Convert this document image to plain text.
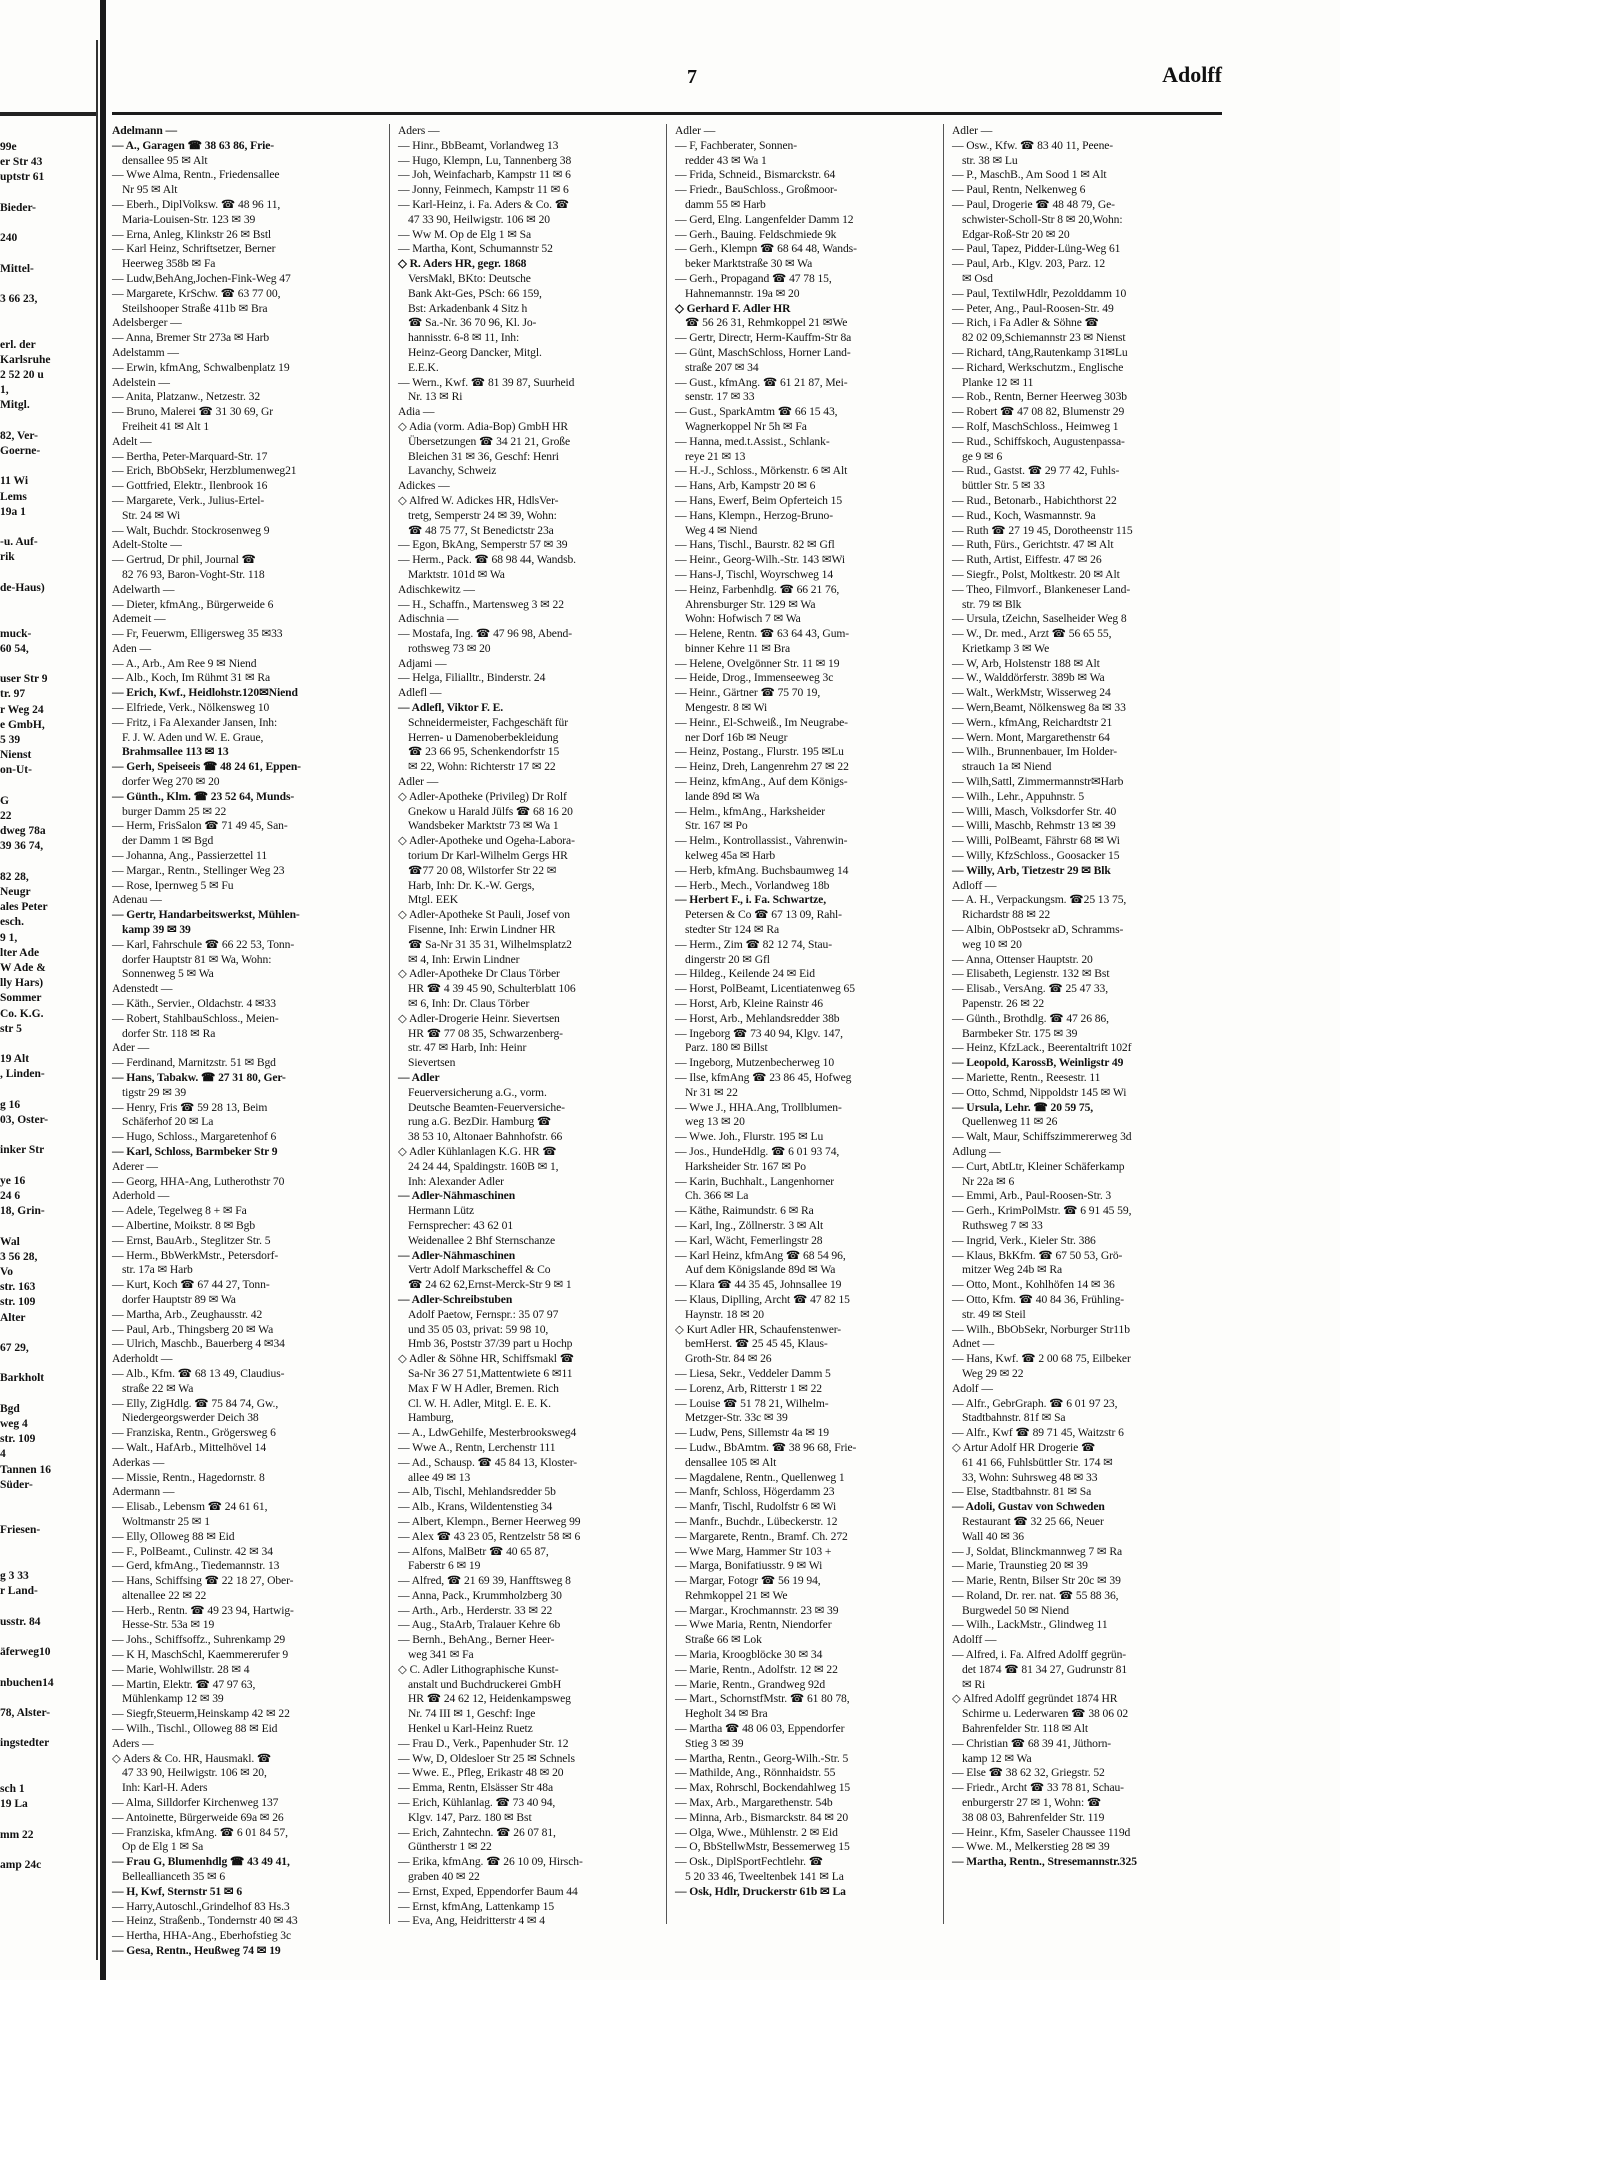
99e
er Str 43
uptstr 61

Bieder-

240

Mittel-

3 66 23,

erl. der
Karlsruhe
2 52 20 u
1,
Mitgl.

82, Ver-
Goerne-

11 Wi
Lems
19a 1

-u. Auf-
rik

de-Haus)

muck-
60 54,

user Str 9
tr. 97
r Weg 24
e GmbH,
5 39
Nienst
on-Ut-

G
22
dweg 78a
39 36 74,

82 28,
Neugr
ales Peter
esch.
9 1,
lter Ade
W Ade &
lly Hars)
Sommer
Co. K.G.
str 5

19 Alt
, Linden-

g 16
03, Oster-

inker Str

ye 16
24 6
18, Grin-

Wal
3 56 28,
Vo
str. 163
str. 109
Alter

67 29,

Barkholt

Bgd
weg 4
str. 109
4
Tannen 16
Süder-

Friesen-

g 3 33
r Land-

usstr. 84

äferweg10

nbuchen14

78, Alster-

ingstedter

sch 1
19 La

mm 22

amp 24c
7	Adolff
Adelmann —
— A., Garagen ☎ 38 63 86, Frie-
densallee 95 ✉ Alt
— Wwe Alma, Rentn., Friedensallee
Nr 95 ✉ Alt
— Eberh., DiplVolksw. ☎ 48 96 11,
Maria-Louisen-Str. 123 ✉ 39
— Erna, Anleg, Klinkstr 26 ✉ Bstl
— Karl Heinz, Schriftsetzer, Berner
Heerweg 358b ✉ Fa
— Ludw,BehAng,Jochen-Fink-Weg 47
— Margarete, KrSchw. ☎ 63 77 00,
Steilshooper Straße 411b ✉ Bra
Adelsberger —
— Anna, Bremer Str 273a ✉ Harb
Adelstamm —
— Erwin, kfmAng, Schwalbenplatz 19
Adelstein —
— Anita, Platzanw., Netzestr. 32
— Bruno, Malerei ☎ 31 30 69, Gr
Freiheit 41 ✉ Alt 1
Adelt —
— Bertha, Peter-Marquard-Str. 17
— Erich, BbObSekr, Herzblumenweg21
— Gottfried, Elektr., Ilenbrook 16
— Margarete, Verk., Julius-Ertel-
Str. 24 ✉ Wi
— Walt, Buchdr. Stockrosenweg 9
Adelt-Stolte —
— Gertrud, Dr phil, Journal ☎
82 76 93, Baron-Voght-Str. 118
Adelwarth —
— Dieter, kfmAng., Bürgerweide 6
Ademeit —
— Fr, Feuerwm, Elligersweg 35 ✉33
Aden —
— A., Arb., Am Ree 9 ✉ Niend
— Alb., Koch, Im Rühmt 31 ✉ Ra
— Erich, Kwf., Heidlohstr.120✉Niend
— Elfriede, Verk., Nölkensweg 10
— Fritz, i Fa Alexander Jansen, Inh:
F. J. W. Aden und W. E. Graue,
Brahmsallee 113 ✉ 13
— Gerh, Speiseeis ☎ 48 24 61, Eppen-
dorfer Weg 270 ✉ 20
— Günth., Klm. ☎ 23 52 64, Munds-
burger Damm 25 ✉ 22
— Herm, FrisSalon ☎ 71 49 45, San-
der Damm 1 ✉ Bgd
— Johanna, Ang., Passierzettel 11
— Margar., Rentn., Stellinger Weg 23
— Rose, Ipernweg 5 ✉ Fu
Adenau —
— Gertr, Handarbeitswerkst, Mühlen-
kamp 39 ✉ 39
— Karl, Fahrschule ☎ 66 22 53, Tonn-
dorfer Hauptstr 81 ✉ Wa, Wohn:
Sonnenweg 5 ✉ Wa
Adenstedt —
— Käth., Servier., Oldachstr. 4 ✉33
— Robert, StahlbauSchloss., Meien-
dorfer Str. 118 ✉ Ra
Ader —
— Ferdinand, Marnitzstr. 51 ✉ Bgd
— Hans, Tabakw. ☎ 27 31 80, Ger-
tigstr 29 ✉ 39
— Henry, Fris ☎ 59 28 13, Beim
Schäferhof 20 ✉ La
— Hugo, Schloss., Margaretenhof 6
— Karl, Schloss, Barmbeker Str 9
Aderer —
— Georg, HHA-Ang, Lutherothstr 70
Aderhold —
— Adele, Tegelweg 8 + ✉ Fa
— Albertine, Moikstr. 8 ✉ Bgb
— Ernst, BauArb., Steglitzer Str. 5
— Herm., BbWerkMstr., Petersdorf-
str. 17a ✉ Harb
— Kurt, Koch ☎ 67 44 27, Tonn-
dorfer Hauptstr 89 ✉ Wa
— Martha, Arb., Zeughausstr. 42
— Paul, Arb., Thingsberg 20 ✉ Wa
— Ulrich, Maschb., Bauerberg 4 ✉34
Aderholdt —
— Alb., Kfm. ☎ 68 13 49, Claudius-
straße 22 ✉ Wa
— Elly, ZigHdlg. ☎ 75 84 74, Gw.,
Niedergeorgswerder Deich 38
— Franziska, Rentn., Grögersweg 6
— Walt., HafArb., Mittelhövel 14
Aderkas —
— Missie, Rentn., Hagedornstr. 8
Adermann —
— Elisab., Lebensm ☎ 24 61 61,
Woltmanstr 25 ✉ 1
— Elly, Olloweg 88 ✉ Eid
— F., PolBeamt., Culinstr. 42 ✉ 34
— Gerd, kfmAng., Tiedemannstr. 13
— Hans, Schiffsing ☎ 22 18 27, Ober-
altenallee 22 ✉ 22
— Herb., Rentn. ☎ 49 23 94, Hartwig-
Hesse-Str. 53a ✉ 19
— Johs., Schiffsoffz., Suhrenkamp 29
— K H, MaschSchl, Kaemmererufer 9
— Marie, Wohlwillstr. 28 ✉ 4
— Martin, Elektr. ☎ 47 97 63,
Mühlenkamp 12 ✉ 39
— Siegfr,Steuerm,Heinskamp 42 ✉ 22
— Wilh., Tischl., Olloweg 88 ✉ Eid
Aders —
◇ Aders & Co. HR, Hausmakl. ☎
47 33 90, Heilwigstr. 106 ✉ 20,
Inh: Karl-H. Aders
— Alma, Silldorfer Kirchenweg 137
— Antoinette, Bürgerweide 69a ✉ 26
— Franziska, kfmAng. ☎ 6 01 84 57,
Op de Elg 1 ✉ Sa
— Frau G, Blumenhdlg ☎ 43 49 41,
Belleallianceth 35 ✉ 6
— H, Kwf, Sternstr 51 ✉ 6
— Harry,Autoschl.,Grindelhof 83 Hs.3
— Heinz, Straßenb., Tondernstr 40 ✉ 43
— Hertha, HHA-Ang., Eberhofstieg 3c
— Gesa, Rentn., Heußweg 74 ✉ 19
Aders —
— Hinr., BbBeamt, Vorlandweg 13
— Hugo, Klempn, Lu, Tannenberg 38
— Joh, Weinfacharb, Kampstr 11 ✉ 6
— Jonny, Feinmech, Kampstr 11 ✉ 6
— Karl-Heinz, i. Fa. Aders & Co. ☎
47 33 90, Heilwigstr. 106 ✉ 20
— Ww M. Op de Elg 1 ✉ Sa
— Martha, Kont, Schumannstr 52
◇ R. Aders HR, gegr. 1868
VersMakl, BKto: Deutsche
Bank Akt-Ges, PSch: 66 159,
Bst: Arkadenbank 4 Sitz h
☎ Sa.-Nr. 36 70 96, Kl. Jo-
hannisstr. 6-8 ✉ 11, Inh:
Heinz-Georg Dancker, Mitgl.
E.E.K.
— Wern., Kwf. ☎ 81 39 87, Suurheid
Nr. 13 ✉ Ri
Adia —
◇ Adia (vorm. Adia-Bop) GmbH HR
Übersetzungen ☎ 34 21 21, Große
Bleichen 31 ✉ 36, Geschf: Henri
Lavanchy, Schweiz
Adickes —
◇ Alfred W. Adickes HR, HdlsVer-
tretg, Semperstr 24 ✉ 39, Wohn:
☎ 48 75 77, St Benedictstr 23a
— Egon, BkAng, Semperstr 57 ✉ 39
— Herm., Pack. ☎ 68 98 44, Wandsb.
Marktstr. 101d ✉ Wa
Adischkewitz —
— H., Schaffn., Martensweg 3 ✉ 22
Adischnia —
— Mostafa, Ing. ☎ 47 96 98, Abend-
rothsweg 73 ✉ 20
Adjami —
— Helga, Filialltr., Binderstr. 24
Adlefl —
— Adlefl, Viktor F. E.
Schneidermeister, Fachgeschäft für
Herren- u Damenoberbekleidung
☎ 23 66 95, Schenkendorfstr 15
✉ 22, Wohn: Richterstr 17 ✉ 22
Adler —
◇ Adler-Apotheke (Privileg) Dr Rolf
Gnekow u Harald Jülfs ☎ 68 16 20
Wandsbeker Marktstr 73 ✉ Wa 1
◇ Adler-Apotheke und Ogeha-Labora-
torium Dr Karl-Wilhelm Gergs HR
☎77 20 08, Wilstorfer Str 22 ✉
Harb, Inh: Dr. K.-W. Gergs,
Mtgl. EEK
◇ Adler-Apotheke St Pauli, Josef von
Fisenne, Inh: Erwin Lindner HR
☎ Sa-Nr 31 35 31, Wilhelmsplatz2
✉ 4, Inh: Erwin Lindner
◇ Adler-Apotheke Dr Claus Törber
HR ☎ 4 39 45 90, Schulterblatt 106
✉ 6, Inh: Dr. Claus Törber
◇ Adler-Drogerie Heinr. Sievertsen
HR ☎ 77 08 35, Schwarzenberg-
str. 47 ✉ Harb, Inh: Heinr
Sievertsen
— Adler
Feuerversicherung a.G., vorm.
Deutsche Beamten-Feuerversiche-
rung a.G. BezDir. Hamburg ☎
38 53 10, Altonaer Bahnhofstr. 66
◇ Adler Kühlanlagen K.G. HR ☎
24 24 44, Spaldingstr. 160B ✉ 1,
Inh: Alexander Adler
— Adler-Nähmaschinen
Hermann Lütz
Fernsprecher: 43 62 01
Weidenallee 2 Bhf Sternschanze
— Adler-Nähmaschinen
Vertr Adolf Markscheffel & Co
☎ 24 62 62,Ernst-Merck-Str 9 ✉ 1
— Adler-Schreibstuben
Adolf Paetow, Fernspr.: 35 07 97
und 35 05 03, privat: 59 98 10,
Hmb 36, Poststr 37/39 part u Hochp
◇ Adler & Söhne HR, Schiffsmakl ☎
Sa-Nr 36 27 51,Mattentwiete 6 ✉11
Max F W H Adler, Bremen. Rich
Cl. W. H. Adler, Mitgl. E. E. K.
Hamburg,
— A., LdwGehilfe, Mesterbrooksweg4
— Wwe A., Rentn, Lerchenstr 111
— Ad., Schausp. ☎ 45 84 13, Kloster-
allee 49 ✉ 13
— Alb, Tischl, Mehlandsredder 5b
— Alb., Krans, Wildentenstieg 34
— Albert, Klempn., Berner Heerweg 99
— Alex ☎ 43 23 05, Rentzelstr 58 ✉ 6
— Alfons, MalBetr ☎ 40 65 87,
Faberstr 6 ✉ 19
— Alfred, ☎ 21 69 39, Hanfftsweg 8
— Anna, Pack., Krummholzberg 30
— Arth., Arb., Herderstr. 33 ✉ 22
— Aug., StaArb, Tralauer Kehre 6b
— Bernh., BehAng., Berner Heer-
weg 341 ✉ Fa
◇ C. Adler Lithographische Kunst-
anstalt und Buchdruckerei GmbH
HR ☎ 24 62 12, Heidenkampsweg
Nr. 74 III ✉ 1, Geschf: Inge
Henkel u Karl-Heinz Ruetz
— Frau D., Verk., Papenhuder Str. 12
— Ww, D, Oldesloer Str 25 ✉ Schnels
— Wwe. E., Pfleg, Erikastr 48 ✉ 20
— Emma, Rentn, Elsässer Str 48a
— Erich, Kühlanlag. ☎ 73 40 94,
Klgv. 147, Parz. 180 ✉ Bst
— Erich, Zahntechn. ☎ 26 07 81,
Güntherstr 1 ✉ 22
— Erika, kfmAng. ☎ 26 10 09, Hirsch-
graben 40 ✉ 22
— Ernst, Exped, Eppendorfer Baum 44
— Ernst, kfmAng, Lattenkamp 15
— Eva, Ang, Heidritterstr 4 ✉ 4
Adler —
— F, Fachberater, Sonnen-
redder 43 ✉ Wa 1
— Frida, Schneid., Bismarckstr. 64
— Friedr., BauSchloss., Großmoor-
damm 55 ✉ Harb
— Gerd, Elng. Langenfelder Damm 12
— Gerh., Bauing. Feldschmiede 9k
— Gerh., Klempn ☎ 68 64 48, Wands-
beker Marktstraße 30 ✉ Wa
— Gerh., Propagand ☎ 47 78 15,
Hahnemannstr. 19a ✉ 20
◇ Gerhard F. Adler HR
☎ 56 26 31, Rehmkoppel 21 ✉We
— Gertr, Directr, Herm-Kauffm-Str 8a
— Günt, MaschSchloss, Horner Land-
straße 207 ✉ 34
— Gust., kfmAng. ☎ 61 21 87, Mei-
senstr. 17 ✉ 33
— Gust., SparkAmtm ☎ 66 15 43,
Wagnerkoppel Nr 5h ✉ Fa
— Hanna, med.t.Assist., Schlank-
reye 21 ✉ 13
— H.-J., Schloss., Mörkenstr. 6 ✉ Alt
— Hans, Arb, Kampstr 20 ✉ 6
— Hans, Ewerf, Beim Opferteich 15
— Hans, Klempn., Herzog-Bruno-
Weg 4 ✉ Niend
— Hans, Tischl., Baurstr. 82 ✉ Gfl
— Heinr., Georg-Wilh.-Str. 143 ✉Wi
— Hans-J, Tischl, Woyrschweg 14
— Heinz, Farbenhdlg. ☎ 66 21 76,
Ahrensburger Str. 129 ✉ Wa
Wohn: Hofwisch 7 ✉ Wa
— Helene, Rentn. ☎ 63 64 43, Gum-
binner Kehre 11 ✉ Bra
— Helene, Ovelgönner Str. 11 ✉ 19
— Heide, Drog., Immenseeweg 3c
— Heinr., Gärtner ☎ 75 70 19,
Mengestr. 8 ✉ Wi
— Heinr., El-Schweiß., Im Neugrabe-
ner Dorf 16b ✉ Neugr
— Heinz, Postang., Flurstr. 195 ✉Lu
— Heinz, Dreh, Langenrehm 27 ✉ 22
— Heinz, kfmAng., Auf dem Königs-
lande 89d ✉ Wa
— Helm., kfmAng., Harksheider
Str. 167 ✉ Po
— Helm., Kontrollassist., Vahrenwin-
kelweg 45a ✉ Harb
— Herb, kfmAng. Buchsbaumweg 14
— Herb., Mech., Vorlandweg 18b
— Herbert F., i. Fa. Schwartze,
Petersen & Co ☎ 67 13 09, Rahl-
stedter Str 124 ✉ Ra
— Herm., Zim ☎ 82 12 74, Stau-
dingerstr 20 ✉ Gfl
— Hildeg., Keilende 24 ✉ Eid
— Horst, PolBeamt, Licentiatenweg 65
— Horst, Arb, Kleine Rainstr 46
— Horst, Arb., Mehlandsredder 38b
— Ingeborg ☎ 73 40 94, Klgv. 147,
Parz. 180 ✉ Billst
— Ingeborg, Mutzenbecherweg 10
— Ilse, kfmAng ☎ 23 86 45, Hofweg
Nr 31 ✉ 22
— Wwe J., HHA.Ang, Trollblumen-
weg 13 ✉ 20
— Wwe. Joh., Flurstr. 195 ✉ Lu
— Jos., HundeHdlg. ☎ 6 01 93 74,
Harksheider Str. 167 ✉ Po
— Karin, Buchhalt., Langenhorner
Ch. 366 ✉ La
— Käthe, Raimundstr. 6 ✉ Ra
— Karl, Ing., Zöllnerstr. 3 ✉ Alt
— Karl, Wächt, Femerlingstr 28
— Karl Heinz, kfmAng ☎ 68 54 96,
Auf dem Königslande 89d ✉ Wa
— Klara ☎ 44 35 45, Johnsallee 19
— Klaus, Diplling, Archt ☎ 47 82 15
Haynstr. 18 ✉ 20
◇ Kurt Adler HR, Schaufenstenwer-
bemHerst. ☎ 25 45 45, Klaus-
Groth-Str. 84 ✉ 26
— Liesa, Sekr., Veddeler Damm 5
— Lorenz, Arb, Ritterstr 1 ✉ 22
— Louise ☎ 51 78 21, Wilhelm-
Metzger-Str. 33c ✉ 39
— Ludw, Pens, Sillemstr 4a ✉ 19
— Ludw., BbAmtm. ☎ 38 96 68, Frie-
densallee 105 ✉ Alt
— Magdalene, Rentn., Quellenweg 1
— Manfr, Schloss, Högerdamm 23
— Manfr, Tischl, Rudolfstr 6 ✉ Wi
— Manfr., Buchdr., Lübeckerstr. 12
— Margarete, Rentn., Bramf. Ch. 272
— Wwe Marg, Hammer Str 103 +
— Marga, Bonifatiusstr. 9 ✉ Wi
— Margar, Fotogr ☎ 56 19 94,
Rehmkoppel 21 ✉ We
— Margar., Krochmannstr. 23 ✉ 39
— Wwe Maria, Rentn, Niendorfer
Straße 66 ✉ Lok
— Maria, Kroogblöcke 30 ✉ 34
— Marie, Rentn., Adolfstr. 12 ✉ 22
— Marie, Rentn., Grandweg 92d
— Mart., SchornstfMstr. ☎ 61 80 78,
Hegholt 34 ✉ Bra
— Martha ☎ 48 06 03, Eppendorfer
Stieg 3 ✉ 39
— Martha, Rentn., Georg-Wilh.-Str. 5
— Mathilde, Ang., Rönnhaidstr. 55
— Max, Rohrschl, Bockendahlweg 15
— Max, Arb., Margarethenstr. 54b
— Minna, Arb., Bismarckstr. 84 ✉ 20
— Olga, Wwe., Mühlenstr. 2 ✉ Eid
— O, BbStellwMstr, Bessemerweg 15
— Osk., DiplSportFechtlehr. ☎
5 20 33 46, Tweeltenbek 141 ✉ La
— Osk, Hdlr, Druckerstr 61b ✉ La
Adler —
— Osw., Kfw. ☎ 83 40 11, Peene-
str. 38 ✉ Lu
— P., MaschB., Am Sood 1 ✉ Alt
— Paul, Rentn, Nelkenweg 6
— Paul, Drogerie ☎ 48 48 79, Ge-
schwister-Scholl-Str 8 ✉ 20,Wohn:
Edgar-Roß-Str 20 ✉ 20
— Paul, Tapez, Pidder-Lüng-Weg 61
— Paul, Arb., Klgv. 203, Parz. 12
✉ Osd
— Paul, TextilwHdlr, Pezolddamm 10
— Peter, Ang., Paul-Roosen-Str. 49
— Rich, i Fa Adler & Söhne ☎
82 02 09,Schiemannstr 23 ✉ Nienst
— Richard, tAng,Rautenkamp 31✉Lu
— Richard, Werkschutzm., Englische
Planke 12 ✉ 11
— Rob., Rentn, Berner Heerweg 303b
— Robert ☎ 47 08 82, Blumenstr 29
— Rolf, MaschSchloss., Heimweg 1
— Rud., Schiffskoch, Augustenpassa-
ge 9 ✉ 6
— Rud., Gastst. ☎ 29 77 42, Fuhls-
büttler Str. 5 ✉ 33
— Rud., Betonarb., Habichthorst 22
— Rud., Koch, Wasmannstr. 9a
— Ruth ☎ 27 19 45, Dorotheenstr 115
— Ruth, Fürs., Gerichtstr. 47 ✉ Alt
— Ruth, Artist, Eiffestr. 47 ✉ 26
— Siegfr., Polst, Moltkestr. 20 ✉ Alt
— Theo, Filmvorf., Blankeneser Land-
str. 79 ✉ Blk
— Ursula, tZeichn, Saselheider Weg 8
— W., Dr. med., Arzt ☎ 56 65 55,
Krietkamp 3 ✉ We
— W, Arb, Holstenstr 188 ✉ Alt
— W., Walddörferstr. 389b ✉ Wa
— Walt., WerkMstr, Wisserweg 24
— Wern,Beamt, Nölkensweg 8a ✉ 33
— Wern., kfmAng, Reichardtstr 21
— Wern. Mont, Margarethenstr 64
— Wilh., Brunnenbauer, Im Holder-
strauch 1a ✉ Niend
— Wilh,Sattl, Zimmermannstr✉Harb
— Wilh., Lehr., Appuhnstr. 5
— Willi, Masch, Volksdorfer Str. 40
— Willi, Maschb, Rehmstr 13 ✉ 39
— Willi, PolBeamt, Fährstr 68 ✉ Wi
— Willy, KfzSchloss., Goosacker 15
— Willy, Arb, Tietzestr 29 ✉ Blk
Adloff —
— A. H., Verpackungsm. ☎25 13 75,
Richardstr 88 ✉ 22
— Albin, ObPostsekr aD, Schramms-
weg 10 ✉ 20
— Anna, Ottenser Hauptstr. 20
— Elisabeth, Legienstr. 132 ✉ Bst
— Elisab., VersAng. ☎ 25 47 33,
Papenstr. 26 ✉ 22
— Günth., Brothdlg. ☎ 47 26 86,
Barmbeker Str. 175 ✉ 39
— Heinz, KfzLack., Beerentaltrift 102f
— Leopold, KarossB, Weinligstr 49
— Mariette, Rentn., Reesestr. 11
— Otto, Schmd, Nippoldstr 145 ✉ Wi
— Ursula, Lehr. ☎ 20 59 75,
Quellenweg 11 ✉ 26
— Walt, Maur, Schiffszimmererweg 3d
Adlung —
— Curt, AbtLtr, Kleiner Schäferkamp
Nr 22a ✉ 6
— Emmi, Arb., Paul-Roosen-Str. 3
— Gerh., KrimPolMstr. ☎ 6 91 45 59,
Ruthsweg 7 ✉ 33
— Ingrid, Verk., Kieler Str. 386
— Klaus, BkKfm. ☎ 67 50 53, Grö-
mitzer Weg 24b ✉ Ra
— Otto, Mont., Kohlhöfen 14 ✉ 36
— Otto, Kfm. ☎ 40 84 36, Frühling-
str. 49 ✉ Steil
— Wilh., BbObSekr, Norburger Str11b
Adnet —
— Hans, Kwf. ☎ 2 00 68 75, Eilbeker
Weg 29 ✉ 22
Adolf —
— Alfr., GebrGraph. ☎ 6 01 97 23,
Stadtbahnstr. 81f ✉ Sa
— Alfr., Kwf ☎ 89 71 45, Waitzstr 6
◇ Artur Adolf HR Drogerie ☎
61 41 66, Fuhlsbüttler Str. 174 ✉
33, Wohn: Suhrsweg 48 ✉ 33
— Else, Stadtbahnstr. 81 ✉ Sa
— Adoli, Gustav von Schweden
Restaurant ☎ 32 25 66, Neuer
Wall 40 ✉ 36
— J, Soldat, Blinckmannweg 7 ✉ Ra
— Marie, Traunstieg 20 ✉ 39
— Marie, Rentn, Bilser Str 20c ✉ 39
— Roland, Dr. rer. nat. ☎ 55 88 36,
Burgwedel 50 ✉ Niend
— Wilh., LackMstr., Glindweg 11
Adolff —
— Alfred, i. Fa. Alfred Adolff gegrün-
det 1874 ☎ 81 34 27, Gudrunstr 81
✉ Ri
◇ Alfred Adolff gegründet 1874 HR
Schirme u. Lederwaren ☎ 38 06 02
Bahrenfelder Str. 118 ✉ Alt
— Christian ☎ 68 39 41, Jüthorn-
kamp 12 ✉ Wa
— Else ☎ 38 62 32, Griegstr. 52
— Friedr., Archt ☎ 33 78 81, Schau-
enburgerstr 27 ✉ 1, Wohn: ☎
38 08 03, Bahrenfelder Str. 119
— Heinr., Kfm, Saseler Chaussee 119d
— Wwe. M., Melkerstieg 28 ✉ 39
— Martha, Rentn., Stresemannstr.325
